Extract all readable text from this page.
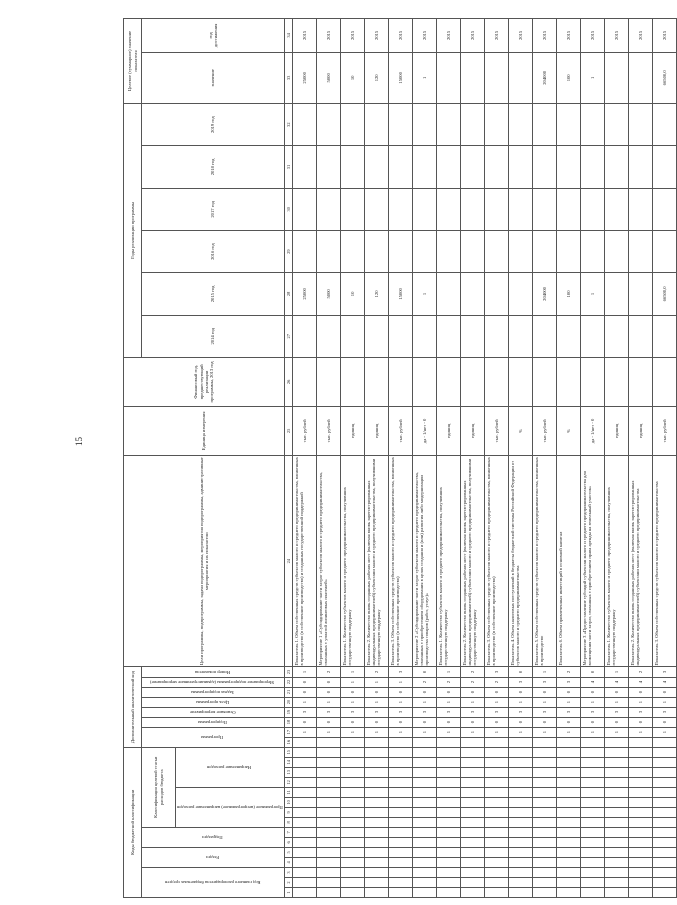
15
Коды бюджетной классификации															Дополнительный аналитический код								Цели программы, подпрограммы, задачи подпрограммы, мероприятия подпрограммы, административные мероприятия и их показатели	Единица измерения	Финансовый год, предшествующий реализации программы, 2013 год	Годы реализации программы						Целевое (суммарное) значение показателя	
Код главного распорядителя бюджетных средств			Раздел		Подраздел		Классификация целевой статьи расходов бюджета								Программа		Подпрограмма	Основное мероприятие	Цель программы	Задача подпрограммы	Мероприятие подпрограммы (административное мероприятие)	Номер показателя				2014 год	2015 год	2016 год	2017 год	2018 год	2019 год	значение	год достижения
							Программное (непрограммное) направление расходов				Направление расходов																						
1	2	3	4	5	6	7	8	9	10	11	12	13	14	15	16	17	18	19	20	21	22	23	24	25	26	27	28	29	30	31	32	33	34
																1	0	3	1	0	0	1	Показатель 1. Объем собственных средств субъектов малого и среднего предпринимательства, вложенных в производство (в собственное производство) и созданных государственной поддержкой	тыс. рублей			25000					25000	2015
																1	0	3	1	0	0	2	Мероприятие 1 «Субсидирование части затрат субъектов малого и среднего предпринимательства, связанных с уплатой лизинговых платежей»	тыс. рублей			5000					5000	2015
																1	0	3	1	0	1	1	Показатель 1. Количество субъектов малого и среднего предпринимательства, получивших государственную поддержку	единиц			10					10	2015
																1	0	3	1	0	1	2	Показатель 2. Количество вновь созданных рабочих мест (включая вновь зарегистрированных индивидуальных предпринимателей) субъектами малого и среднего предпринимательства, получившими государственную поддержку	единиц			120					120	2015
																1	0	3	1	0	1	3	Показатель 3. Объем собственных средств субъектов малого и среднего предпринимательства, вложенных в производство (в собственное производство)	тыс. рублей			15000					15000	2015
																1	0	3	1	0	2	0	Мероприятие 2 «Субсидирование части затрат субъектов малого и среднего предпринимательства, связанных с приобретением оборудования в целях создания и (или) развития либо модернизации производства товаров (работ, услуг)»	да - 1/нет - 0			1					1	2015
																1	0	3	1	0	2	1	Показатель 1. Количество субъектов малого и среднего предпринимательства, получивших государственную поддержку	единиц									2015
																1	0	3	1	0	2	2	Показатель 2. Количество вновь созданных рабочих мест (включая вновь зарегистрированных индивидуальных предпринимателей) субъектами малого и среднего предпринимательства, получившими государственную поддержку	единиц									2015
																1	0	3	1	0	2	3	Показатель 3. Объем собственных средств субъектов малого и среднего предпринимательства, вложенных в производство (в собственное производство)	тыс. рублей									2015
																1	0	3	1	0	3	0	Показатель 4. Объем налоговых поступлений в бюджеты бюджетной системы Российской Федерации от субъектов малого и среднего предпринимательства	%									2015
																1	0	3	1	0	3	1	Показатель 5. Объем собственных средств субъектов малого и среднего предпринимательства, вложенных в производство	тыс. рублей			204000					204000	2015
																1	0	3	1	0	3	2	Показатель 6. Объем привлеченных инвестиций в основной капитал	%			100					100	2015
																1	0	3	1	0	4	0	Мероприятие 3 «Предоставление субсидий субъектам малого и среднего предпринимательства для возмещения части затрат, связанных с приобретением права аренды на земельный участок»	да - 1/нет - 0			1					1	2015
																1	0	3	1	0	4	1	Показатель 1. Количество субъектов малого и среднего предпринимательства, получивших государственную поддержку	единиц									2015
																1	0	3	1	0	4	2	Показатель 2. Количество вновь созданных рабочих мест (включая вновь зарегистрированных индивидуальных предпринимателей) субъектами малого и среднего предпринимательства	единиц									2015
																1	0	3	1	0	4	3	Показатель 3. Объем собственных средств субъектов малого и среднего предпринимательства	тыс. рублей			66500,0					66500,0	2015
